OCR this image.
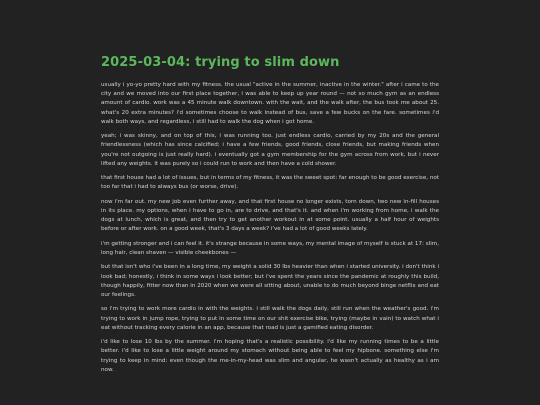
2025-03-04: trying to slim down

usually i yo-yo pretty hard with my fitness. the usual "active in the summer, inactive in the winter." after i came to the city and we moved into our first place together, i was able to keep up year round — not so much gym as an endless amount of cardio. work was a 45 minute walk downtown. with the wait, and the walk after, the bus took me about 25. what's 20 extra minutes? i'd sometimes choose to walk instead of bus, save a few bucks on the fare. sometimes i'd walk both ways, and regardless, i still had to walk the dog when i got home.

yeah; i was skinny, and on top of this, i was running too. just endless cardio, carried by my 20s and the general friendlessness (which has since calcified; i have a few friends, good friends, close friends, but making friends when you're not outgoing is just really hard). i eventually got a gym membership for the gym across from work, but i never lifted any weights. it was purely so i could run to work and then have a cold shower.

that first house had a lot of issues, but in terms of my fitness, it was the sweet spot: far enough to be good exercise, not too far that i had to always bus (or worse, drive).

now i'm far out. my new job even further away, and that first house no longer exists, torn down, two new in-fill houses in its place. my options, when i have to go in, are to drive, and that's it. and when i'm working from home, i walk the dogs at lunch, which is great, and then try to get another workout in at some point. usually a half hour of weights before or after work. on a good week, that's 3 days a week? i've had a lot of good weeks lately.

i'm getting stronger and i can feel it. it's strange because in some ways, my mental image of myself is stuck at 17: slim, long hair, clean shaven — visible cheekbones —

but that isn't who i've been in a long time, my weight a solid 30 lbs heavier than when i started university. i don't think i look bad; honestly, i think in some ways i look better; but i've spent the years since the pandemic at roughly this build, though happily, fitter now than in 2020 when we were all sitting about, unable to do much beyond binge netflix and eat our feelings.

so i'm trying to work more cardio in with the weights. i still walk the dogs daily, still run when the weather's good. i'm trying to work in jump rope, trying to put in some time on our shit exercise bike, trying (maybe in vain) to watch what i eat without tracking every calorie in an app, because that road is just a gamified eating disorder.

i'd like to lose 10 lbs by the summer. i'm hoping that's a realistic possibility. i'd like my running times to be a little better. i'd like to lose a little weight around my stomach without being able to feel my hipbone. something else i'm trying to keep in mind: even though the me-in-my-head was slim and angular, he wasn't actually as healthy as i am now.
